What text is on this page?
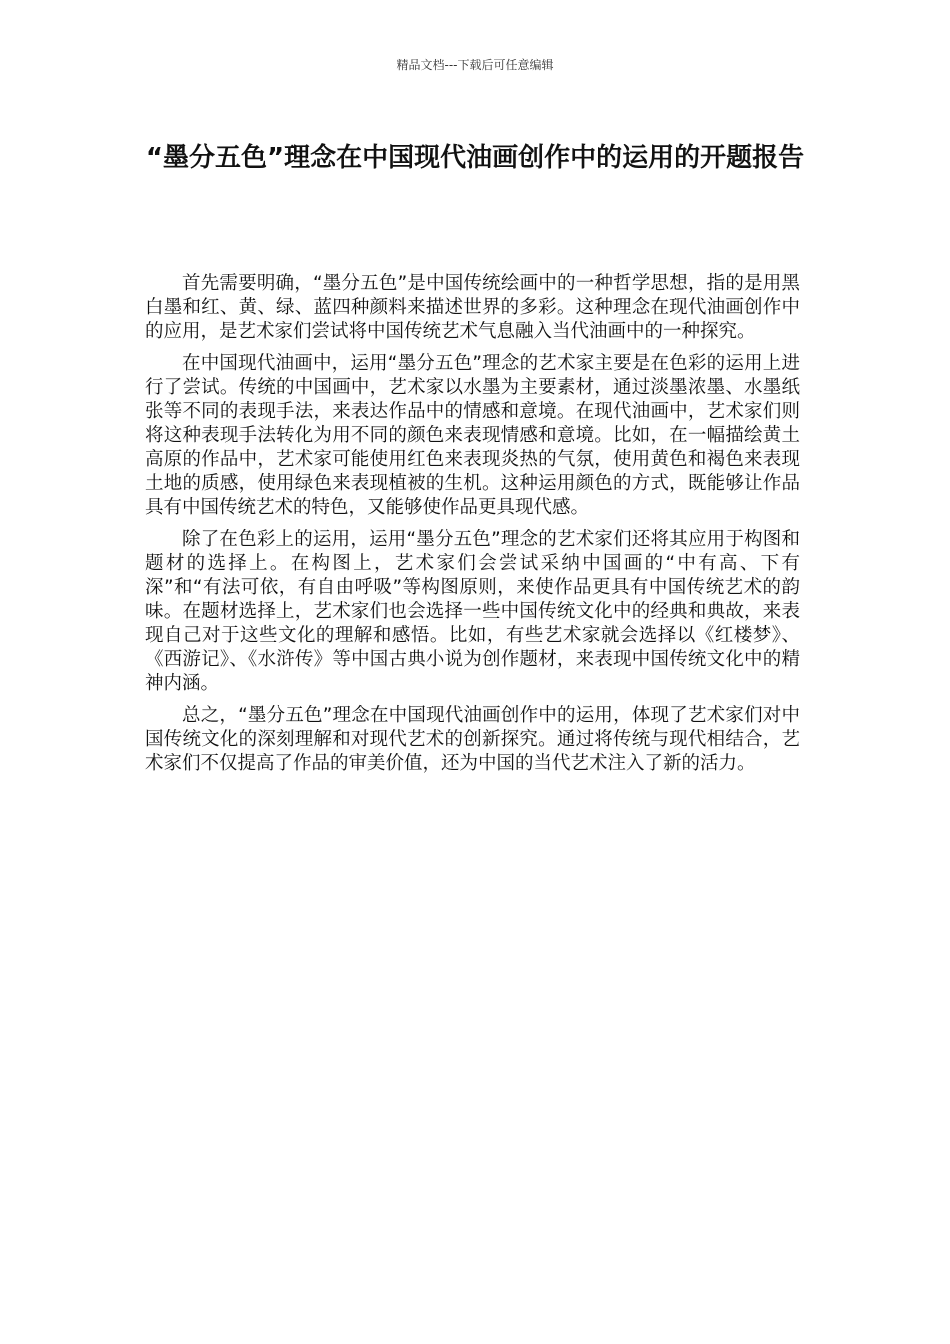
精品文档---下载后可任意编辑
“墨分五色”理念在中国现代油画创作中的运用的开题报告

首先需要明确，“墨分五色”是中国传统绘画中的一种哲学思想，指的是用黑白墨和红、黄、绿、蓝四种颜料来描述世界的多彩。这种理念在现代油画创作中的应用，是艺术家们尝试将中国传统艺术气息融入当代油画中的一种探究。

在中国现代油画中，运用“墨分五色”理念的艺术家主要是在色彩的运用上进行了尝试。传统的中国画中，艺术家以水墨为主要素材，通过淡墨浓墨、水墨纸张等不同的表现手法，来表达作品中的情感和意境。在现代油画中，艺术家们则将这种表现手法转化为用不同的颜色来表现情感和意境。比如，在一幅描绘黄土高原的作品中，艺术家可能使用红色来表现炎热的气氛，使用黄色和褐色来表现土地的质感，使用绿色来表现植被的生机。这种运用颜色的方式，既能够让作品具有中国传统艺术的特色，又能够使作品更具现代感。

除了在色彩上的运用，运用“墨分五色”理念的艺术家们还将其应用于构图和题材的选择上。在构图上，艺术家们会尝试采纳中国画的“中有高、下有深”和“有法可依，有自由呼吸”等构图原则，来使作品更具有中国传统艺术的韵味。在题材选择上，艺术家们也会选择一些中国传统文化中的经典和典故，来表现自己对于这些文化的理解和感悟。比如，有些艺术家就会选择以《红楼梦》、《西游记》、《水浒传》等中国古典小说为创作题材，来表现中国传统文化中的精神内涵。

总之，“墨分五色”理念在中国现代油画创作中的运用，体现了艺术家们对中国传统文化的深刻理解和对现代艺术的创新探究。通过将传统与现代相结合，艺术家们不仅提高了作品的审美价值，还为中国的当代艺术注入了新的活力。
